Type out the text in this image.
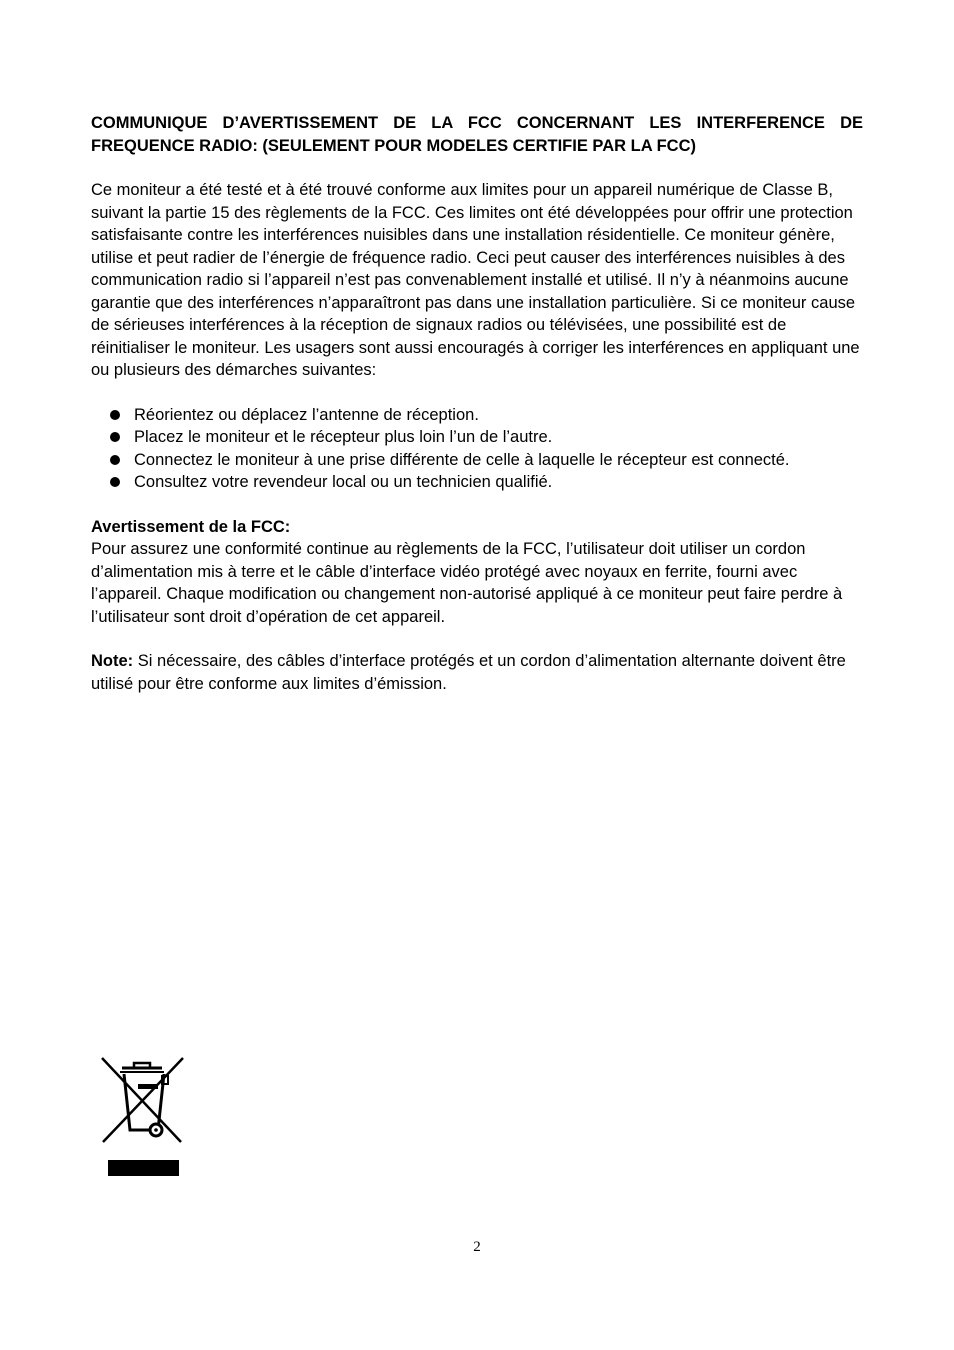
COMMUNIQUE D’AVERTISSEMENT DE LA FCC CONCERNANT LES INTERFERENCE DE FREQUENCE RADIO: (SEULEMENT POUR MODELES CERTIFIE PAR LA FCC)

Ce moniteur a été testé et à été trouvé conforme aux limites pour un appareil numérique de Classe B, suivant la partie 15 des règlements de la FCC. Ces limites ont été développées pour offrir une protection satisfaisante contre les interférences nuisibles dans une installation résidentielle. Ce moniteur génère, utilise et peut radier de l’énergie de fréquence radio. Ceci peut causer des interférences nuisibles à des communication radio si l’appareil n’est pas convenablement installé et utilisé. Il n’y à néanmoins aucune garantie que des interférences n’apparaîtront pas dans une installation particulière. Si ce moniteur cause de sérieuses interférences à la réception de signaux radios ou télévisées, une possibilité est de réinitialiser le moniteur. Les usagers sont aussi encouragés à corriger les interférences en appliquant une ou plusieurs des démarches suivantes:

Réorientez ou déplacez l’antenne de réception.
Placez le moniteur et le récepteur plus loin l’un de l’autre.
Connectez le moniteur à une prise différente de celle à laquelle le récepteur est connecté.
Consultez votre revendeur local ou un technicien qualifié.

Avertissement de la FCC:

Pour assurez une conformité continue au règlements de la FCC, l’utilisateur doit utiliser un cordon d’alimentation mis à terre et le câble d’interface vidéo protégé avec noyaux en ferrite, fourni avec l’appareil. Chaque modification ou changement non-autorisé appliqué à ce moniteur peut faire perdre à l’utilisateur sont droit d’opération de cet appareil.

Note: Si nécessaire, des câbles d’interface protégés et un cordon d’alimentation alternante doivent être utilisé pour être conforme aux limites d’émission.

2
